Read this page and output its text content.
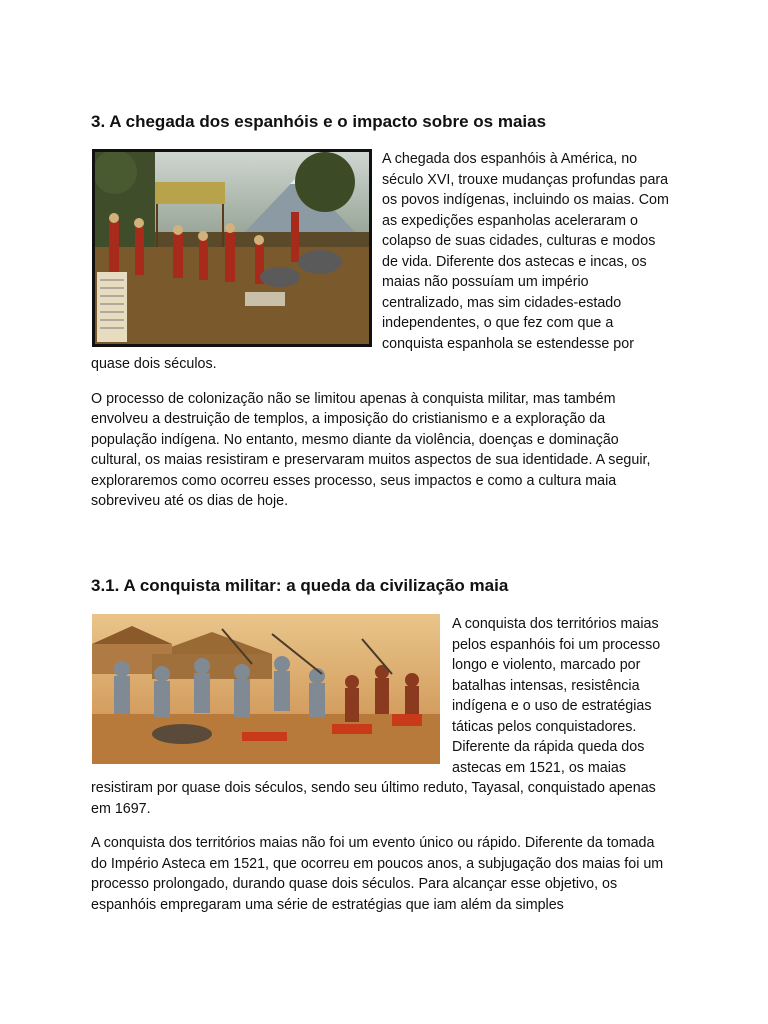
3. A chegada dos espanhóis e o impacto sobre os maias

A chegada dos espanhóis à América, no século XVI, trouxe mudanças profundas para os povos indígenas, incluindo os maias. Com as expedições espanholas aceleraram o colapso de suas cidades, culturas e modos de vida. Diferente dos astecas e incas, os maias não possuíam um império centralizado, mas sim cidades-estado independentes, o que fez com que a conquista espanhola se estendesse por quase dois séculos.

O processo de colonização não se limitou apenas à conquista militar, mas também envolveu a destruição de templos, a imposição do cristianismo e a exploração da população indígena. No entanto, mesmo diante da violência, doenças e dominação cultural, os maias resistiram e preservaram muitos aspectos de sua identidade. A seguir, exploraremos como ocorreu esses processo, seus impactos e como a cultura maia sobreviveu até os dias de hoje.

3.1. A conquista militar: a queda da civilização maia

A conquista dos territórios maias pelos espanhóis foi um processo longo e violento, marcado por batalhas intensas, resistência indígena e o uso de estratégias táticas pelos conquistadores. Diferente da rápida queda dos astecas em 1521, os maias resistiram por quase dois séculos, sendo seu último reduto, Tayasal, conquistado apenas em 1697.

A conquista dos territórios maias não foi um evento único ou rápido. Diferente da tomada do Império Asteca em 1521, que ocorreu em poucos anos, a subjugação dos maias foi um processo prolongado, durando quase dois séculos. Para alcançar esse objetivo, os espanhóis empregaram uma série de estratégias que iam além da simples
